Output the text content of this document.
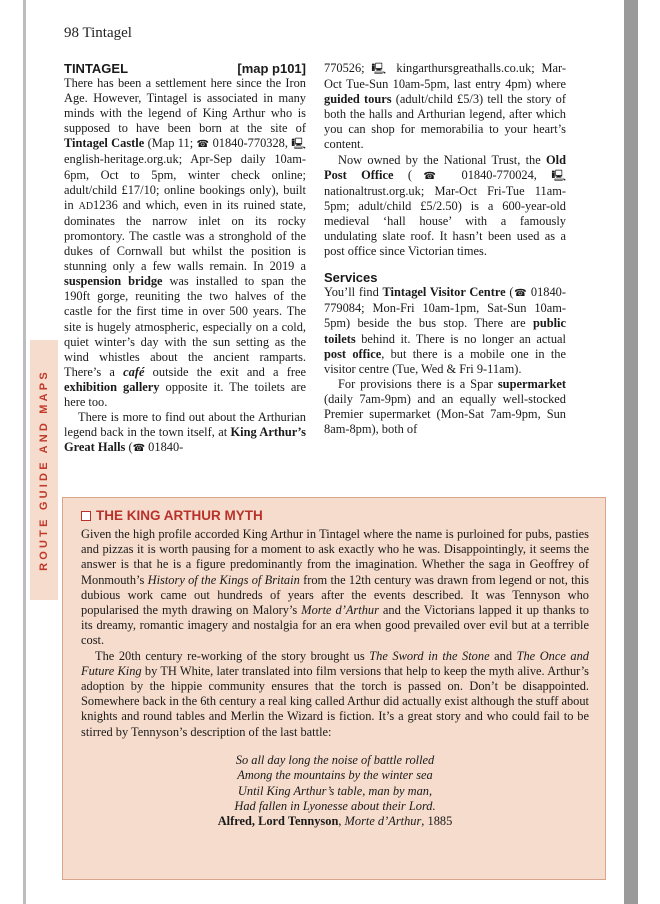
ROUTE GUIDE AND MAPS
98 Tintagel
TINTAGEL	[map p101]

There has been a settlement here since the Iron Age. However, Tintagel is associated in many minds with the legend of King Arthur who is supposed to have been born at the site of Tintagel Castle (Map 11; ☎ 01840-770328, 🖳 english-heritage.org.uk; Apr-Sep daily 10am-6pm, Oct to 5pm, winter check online; adult/child £17/10; online bookings only), built in AD1236 and which, even in its ruined state, dominates the narrow inlet on its rocky promontory. The castle was a stronghold of the dukes of Cornwall but whilst the position is stunning only a few walls remain. In 2019 a suspension bridge was installed to span the 190ft gorge, reuniting the two halves of the castle for the first time in over 500 years. The site is hugely atmospheric, especially on a cold, quiet winter’s day with the sun setting as the wind whistles about the ancient ramparts. There’s a café outside the exit and a free exhibition gallery opposite it. The toilets are here too.

There is more to find out about the Arthurian legend back in the town itself, at King Arthur’s Great Halls (☎ 01840-

770526; 🖳 kingarthursgreathalls.co.uk; Mar-Oct Tue-Sun 10am-5pm, last entry 4pm) where guided tours (adult/child £5/3) tell the story of both the halls and Arthurian legend, after which you can shop for memorabilia to your heart’s content.

Now owned by the National Trust, the Old Post Office (☎ 01840-770024, 🖳 nationaltrust.org.uk; Mar-Oct Fri-Tue 11am-5pm; adult/child £5/2.50) is a 600-year-old medieval ‘hall house’ with a famously undulating slate roof. It hasn’t been used as a post office since Victorian times.

Services

You’ll find Tintagel Visitor Centre (☎ 01840-779084; Mon-Fri 10am-1pm, Sat-Sun 10am-5pm) beside the bus stop. There are public toilets behind it. There is no longer an actual post office, but there is a mobile one in the visitor centre (Tue, Wed & Fri 9-11am).

For provisions there is a Spar supermarket (daily 7am-9pm) and an equally well-stocked Premier supermarket (Mon-Sat 7am-9pm, Sun 8am-8pm), both of

THE KING ARTHUR MYTH

Given the high profile accorded King Arthur in Tintagel where the name is purloined for pubs, pasties and pizzas it is worth pausing for a moment to ask exactly who he was. Disappointingly, it seems the answer is that he is a figure predominantly from the imagination. Whether the saga in Geoffrey of Monmouth’s History of the Kings of Britain from the 12th century was drawn from legend or not, this dubious work came out hundreds of years after the events described. It was Tennyson who popularised the myth drawing on Malory’s Morte d’Arthur and the Victorians lapped it up thanks to its dreamy, romantic imagery and nostalgia for an era when good prevailed over evil but at a terrible cost.

The 20th century re-working of the story brought us The Sword in the Stone and The Once and Future King by TH White, later translated into film versions that help to keep the myth alive. Arthur’s adoption by the hippie community ensures that the torch is passed on. Don’t be disappointed. Somewhere back in the 6th century a real king called Arthur did actually exist although the stuff about knights and round tables and Merlin the Wizard is fiction. It’s a great story and who could fail to be stirred by Tennyson’s description of the last battle:

So all day long the noise of battle rolled
Among the mountains by the winter sea
Until King Arthur’s table, man by man,
Had fallen in Lyonesse about their Lord.
Alfred, Lord Tennyson, Morte d’Arthur, 1885
